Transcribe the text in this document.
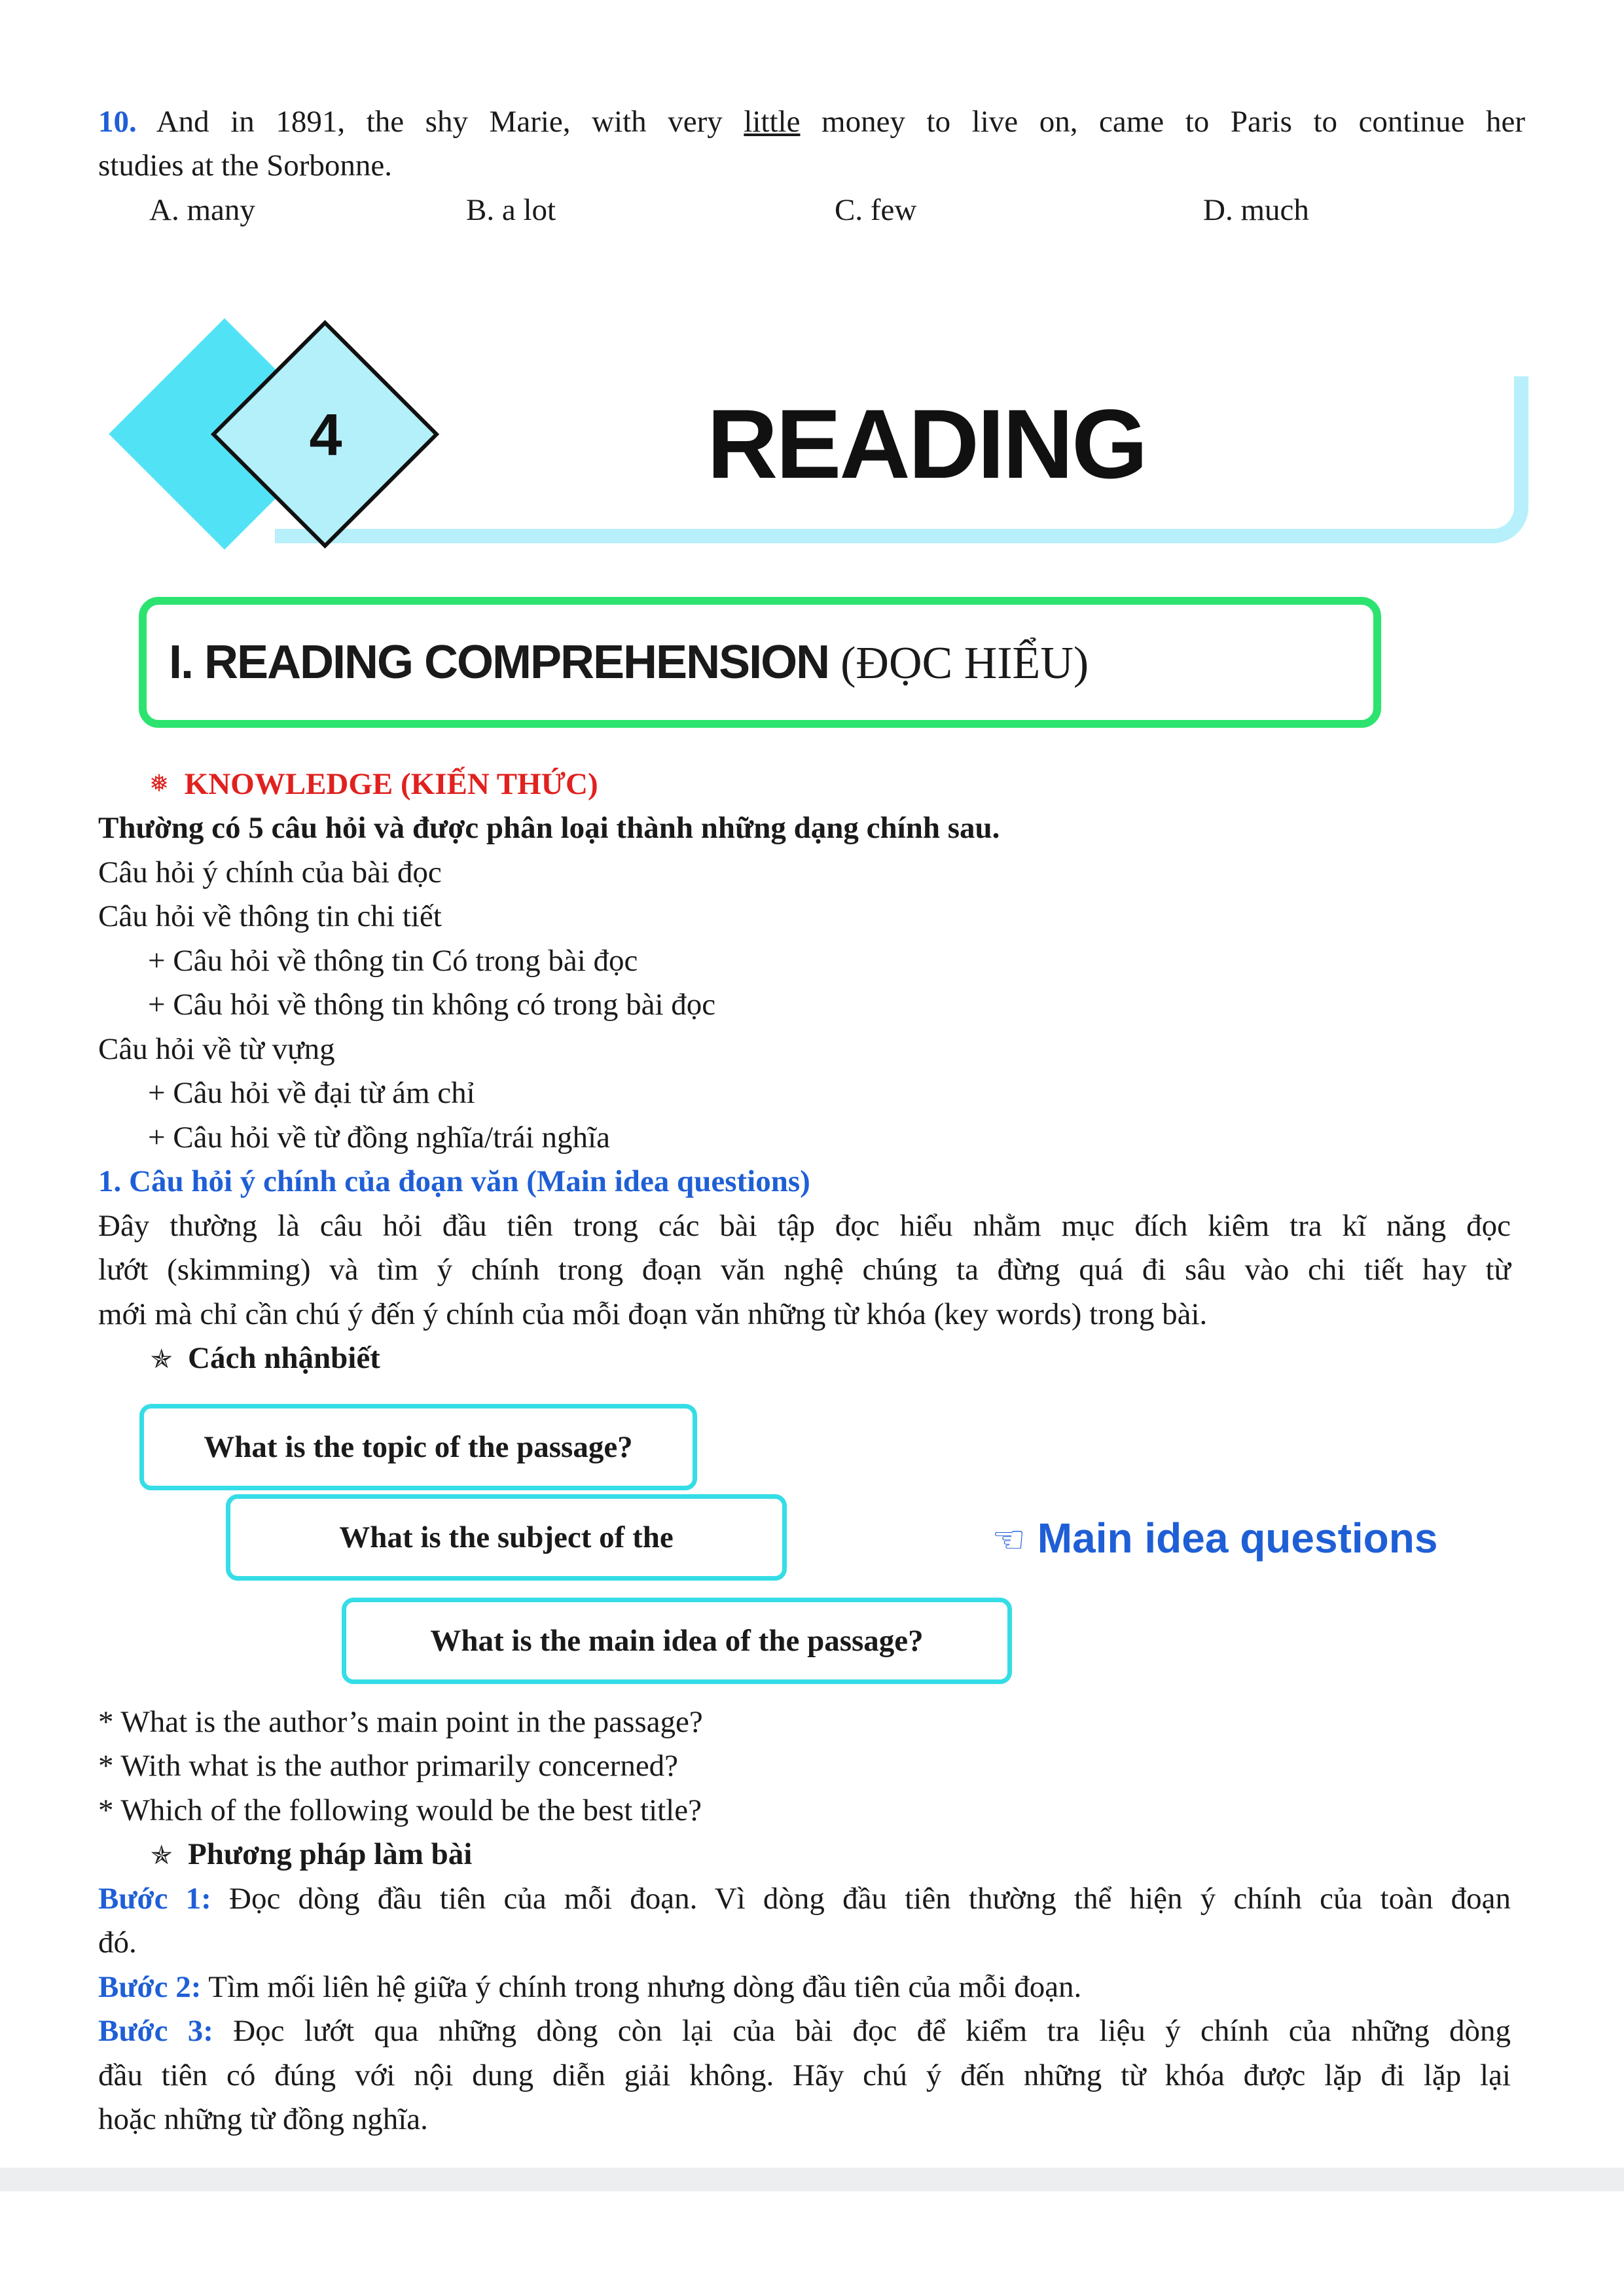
10. And in 1891, the shy Marie, with very little money to live on, came to Paris to continue her
studies at the Sorbonne.
A. many	B. a lot	C. few	D. much
4	READING
I. READING COMPREHENSION (ĐỌC HIỂU)
❅ KNOWLEDGE (KIẾN THỨC)
Thường có 5 câu hỏi và được phân loại thành những dạng chính sau.
Câu hỏi ý chính của bài đọc
Câu hỏi về thông tin chi tiết
+ Câu hỏi về thông tin Có trong bài đọc
+ Câu hỏi về thông tin không có trong bài đọc
Câu hỏi về từ vựng
+ Câu hỏi về đại từ ám chỉ
+ Câu hỏi về từ đồng nghĩa/trái nghĩa
1. Câu hỏi ý chính của đoạn văn (Main idea questions)
Đây thường là câu hỏi đầu tiên trong các bài tập đọc hiểu nhằm mục đích kiêm tra kĩ năng đọc
lướt (skimming) và tìm ý chính trong đoạn văn nghệ chúng ta đừng quá đi sâu vào chi tiết hay từ
mới mà chỉ cần chú ý đến ý chính của mỗi đoạn văn những từ khóa (key words) trong bài.
✯ Cách nhậnbiết
What is the topic of the passage?
What is the subject of the
What is the main idea of the passage?
☜ Main idea questions
* What is the author’s main point in the passage?
* With what is the author primarily concerned?
* Which of the following would be the best title?
✯ Phương pháp làm bài
Bước 1: Đọc dòng đầu tiên của mỗi đoạn. Vì dòng đầu tiên thường thể hiện ý chính của toàn đoạn
đó.
Bước 2: Tìm mối liên hệ giữa ý chính trong nhưng dòng đầu tiên của mỗi đoạn.
Bước 3: Đọc lướt qua những dòng còn lại của bài đọc để kiểm tra liệu ý chính của những dòng
đầu tiên có đúng với nội dung diễn giải không. Hãy chú ý đến những từ khóa được lặp đi lặp lại
hoặc những từ đồng nghĩa.
